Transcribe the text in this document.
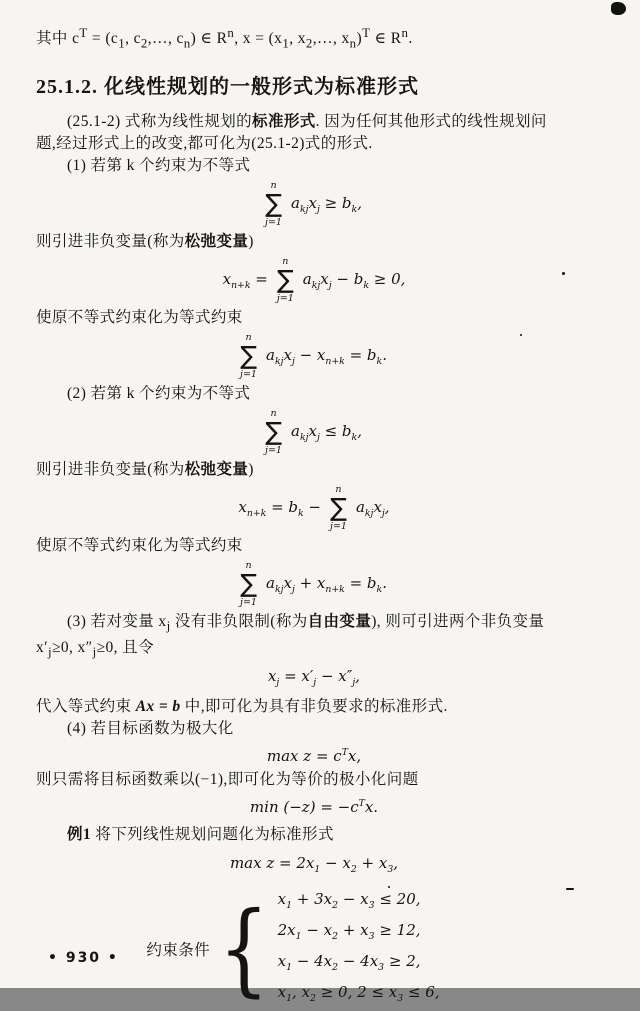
其中 $c^T = (c_1$, $c_2,\dots$, $c_n$) ∈ $R^n$, $x = (x_1$, $x_2,\dots$, $x_n)^T$ ∈ $R^n$.
25.1.2. 化线性规划的一般形式为标准形式
(25.1-2) 式称为线性规划的标准形式. 因为任何其他形式的线性规划问
题,经过形式上的改变,都可化为(25.1-2)式的形式.
(1) 若第 k 个约束为不等式
n
∑
j=1
$a_{kj}x_j \ge b_k$,
则引进非负变量(称为松弛变量)
$x_{n+k}$ =
n
∑
j=1
$a_{kj}x_j - b_k \ge 0$,
使原不等式约束化为等式约束
n
∑
j=1
$a_{kj}x_j - x_{n+k} = b_k$.
(2) 若第 k 个约束为不等式
n
∑
j=1
$a_{kj}x_j \le b_k$,
则引进非负变量(称为松弛变量)
$x_{n+k} = b_k$ −
n
∑
j=1
$a_{kj}x_j$,
使原不等式约束化为等式约束
n
∑
j=1
$a_{kj}x_j + x_{n+k} = b_k$.
(3) 若对变量 $x_j$ 没有非负限制(称为自由变量), 则可引进两个非负变量
$x'_j\ge 0$, $x''_j\ge 0$, 且令
$x_j = x'_j - x''_j$,
代入等式约束 Ax = b 中,即可化为具有非负要求的标准形式.
(4) 若目标函数为极大化
$\max z = c^Tx$,
则只需将目标函数乘以(−1),即可化为等价的极小化问题
$\min (-z) = -c^Tx$.
例1 将下列线性规划问题化为标准形式
$\max z = 2x_1 - x_2 + x_3$,
约束条件 { $x_1 + 3x_2 - x_3 \le 20$,
$2x_1 - x_2 + x_3 \ge 12$,
$x_1 - 4x_2 - 4x_3 \ge 2$,
$x_1$, $x_2 \ge 0$, $2 \le x_3 \le 6$,
• 930 •
